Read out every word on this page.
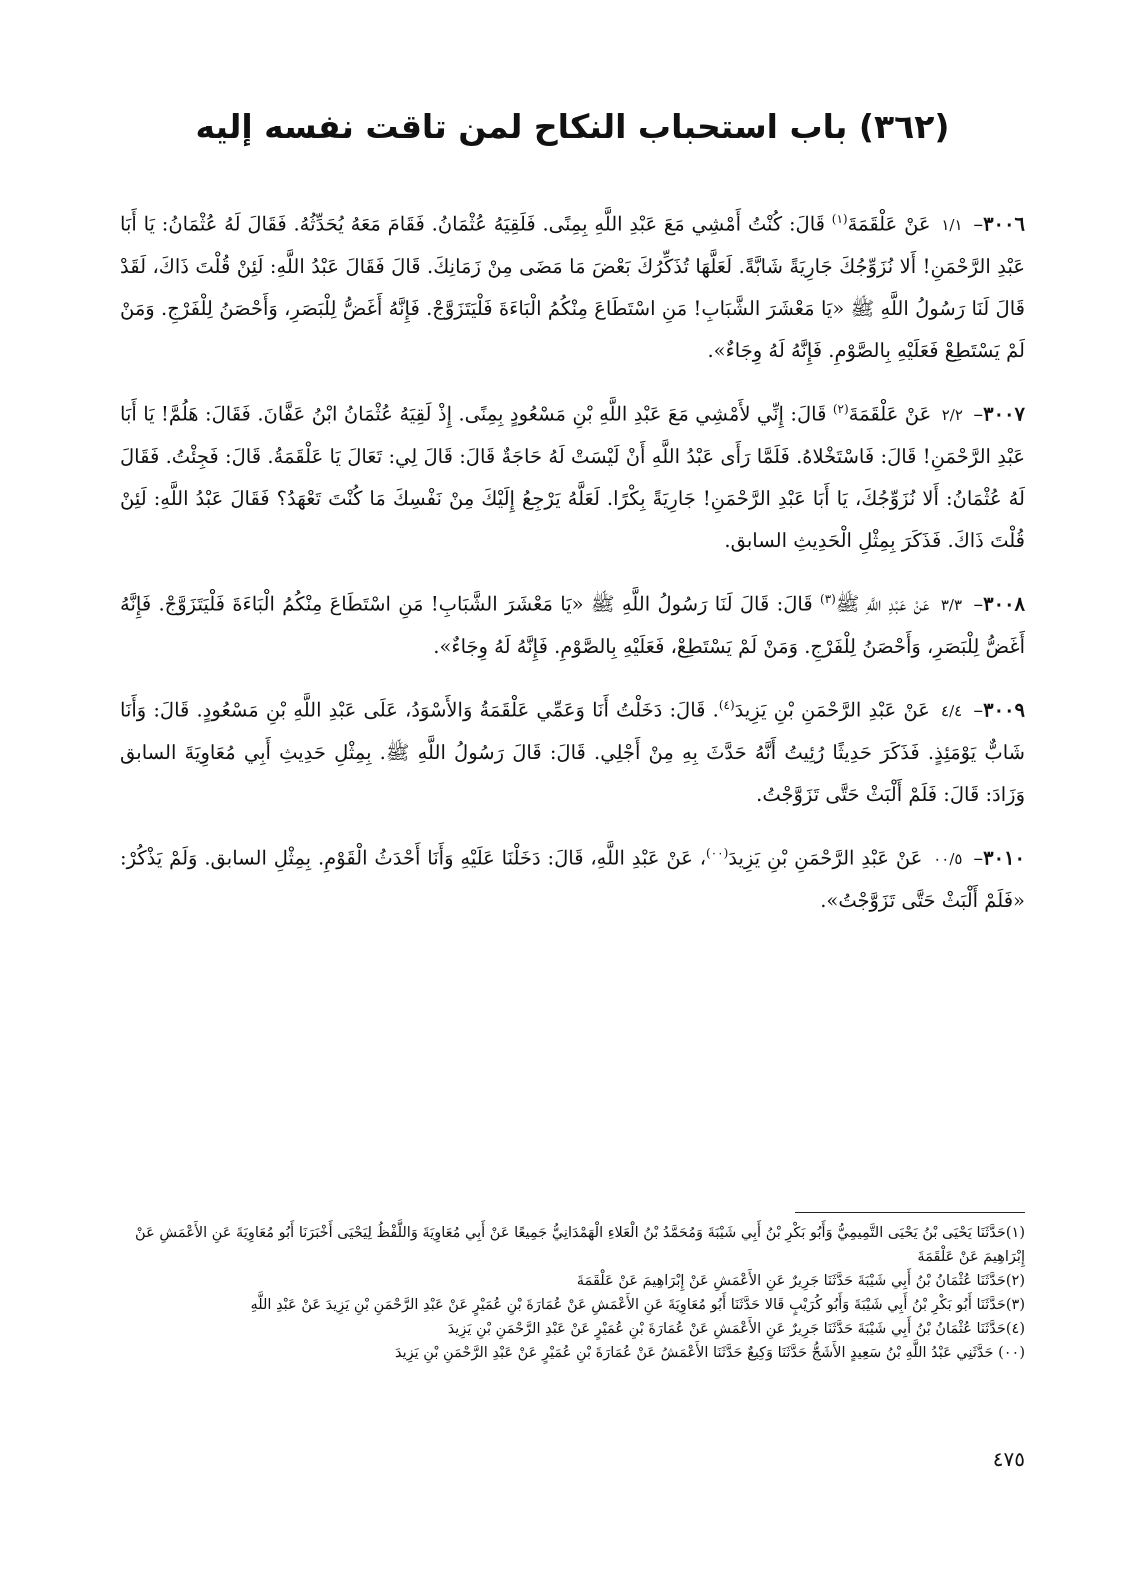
(٣٦٢) باب استحباب النكاح لمن تاقت نفسه إليه

٣٠٠٦– ١/١ عَنْ عَلْقَمَةَ$^{(١)}$ قَالَ: كُنْتُ أَمْشِي مَعَ عَبْدِ اللَّهِ بِمِنًى. فَلَقِيَهُ عُثْمَانُ. فَقَامَ مَعَهُ يُحَدِّثُهُ. فَقَالَ لَهُ عُثْمَانُ: يَا أَبَا عَبْدِ الرَّحْمَنِ! أَلا نُزَوِّجُكَ جَارِيَةً شَابَّةً. لَعَلَّهَا تُذَكِّرُكَ بَعْضَ مَا مَضَى مِنْ زَمَانِكَ. قَالَ فَقَالَ عَبْدُ اللَّهِ: لَئِنْ قُلْتَ ذَاكَ، لَقَدْ قَالَ لَنَا رَسُولُ اللَّهِ ﷺ «يَا مَعْشَرَ الشَّبَابِ! مَنِ اسْتَطَاعَ مِنْكُمُ الْبَاءَةَ فَلْيَتَزَوَّجْ. فَإِنَّهُ أَغَضُّ لِلْبَصَرِ، وَأَحْصَنُ لِلْفَرْجِ. وَمَنْ لَمْ يَسْتَطِعْ فَعَلَيْهِ بِالصَّوْمِ. فَإِنَّهُ لَهُ وِجَاءٌ».

٣٠٠٧– ٢/٢ عَنْ عَلْقَمَةَ$^{(٢)}$ قَالَ: إِنِّي لأَمْشِي مَعَ عَبْدِ اللَّهِ بْنِ مَسْعُودٍ بِمِنًى. إِذْ لَقِيَهُ عُثْمَانُ ابْنُ عَفَّانَ. فَقَالَ: هَلُمَّ! يَا أَبَا عَبْدِ الرَّحْمَنِ! قَالَ: فَاسْتَخْلاهُ. فَلَمَّا رَأَى عَبْدُ اللَّهِ أَنْ لَيْسَتْ لَهُ حَاجَةٌ قَالَ: قَالَ لِي: تَعَالَ يَا عَلْقَمَةُ. قَالَ: فَجِئْتُ. فَقَالَ لَهُ عُثْمَانُ: أَلا نُزَوِّجُكَ، يَا أَبَا عَبْدِ الرَّحْمَنِ! جَارِيَةً بِكْرًا. لَعَلَّهُ يَرْجِعُ إِلَيْكَ مِنْ نَفْسِكَ مَا كُنْتَ تَعْهَدُ؟ فَقَالَ عَبْدُ اللَّهِ: لَئِنْ قُلْتَ ذَاكَ. فَذَكَرَ بِمِثْلِ الْحَدِيثِ السابق.

٣٠٠٨– ٣/٣ عَنْ عَبْدِ اللَّهِ ﷺ$^{(٣)}$ قَالَ: قَالَ لَنَا رَسُولُ اللَّهِ ﷺ «يَا مَعْشَرَ الشَّبَابِ! مَنِ اسْتَطَاعَ مِنْكُمُ الْبَاءَةَ فَلْيَتَزَوَّجْ. فَإِنَّهُ أَغَضُّ لِلْبَصَرِ، وَأَحْصَنُ لِلْفَرْجِ. وَمَنْ لَمْ يَسْتَطِعْ، فَعَلَيْهِ بِالصَّوْمِ. فَإِنَّهُ لَهُ وِجَاءٌ».

٣٠٠٩– ٤/٤ عَنْ عَبْدِ الرَّحْمَنِ بْنِ يَزِيدَ$^{(٤)}$. قَالَ: دَخَلْتُ أَنَا وَعَمِّي عَلْقَمَةُ وَالأَسْوَدُ، عَلَى عَبْدِ اللَّهِ بْنِ مَسْعُودٍ. قَالَ: وَأَنَا شَابٌّ يَوْمَئِذٍ. فَذَكَرَ حَدِيثًا رُئِيتُ أَنَّهُ حَدَّثَ بِهِ مِنْ أَجْلِي. قَالَ: قَالَ رَسُولُ اللَّهِ ﷺ. بِمِثْلِ حَدِيثِ أَبِي مُعَاوِيَةَ السابق وَزَادَ: قَالَ: فَلَمْ أَلْبَثْ حَتَّى تَزَوَّجْتُ.

٣٠١٠– ٠٠/٥ عَنْ عَبْدِ الرَّحْمَنِ بْنِ يَزِيدَ$^{(٠٠)}$، عَنْ عَبْدِ اللَّهِ، قَالَ: دَخَلْنَا عَلَيْهِ وَأَنَا أَحْدَثُ الْقَوْمِ. بِمِثْلِ السابق. وَلَمْ يَذْكُرْ: «فَلَمْ أَلْبَثْ حَتَّى تَزَوَّجْتُ».

(١)حَدَّثَنَا يَحْيَى بْنُ يَحْيَى التَّمِيمِيُّ وَأَبُو بَكْرِ بْنُ أَبِي شَيْبَةَ وَمُحَمَّدُ بْنُ الْعَلاءِ الْهَمْدَانِيُّ جَمِيعًا عَنْ أَبِي مُعَاوِيَةَ وَاللَّفْظُ لِيَحْيَى أَخْبَرَنَا أَبُو مُعَاوِيَةَ عَنِ الأَعْمَشِ عَنْ إِبْرَاهِيمَ عَنْ عَلْقَمَةَ

(٢)حَدَّثَنَا عُثْمَانُ بْنُ أَبِي شَيْبَةَ حَدَّثَنَا جَرِيرٌ عَنِ الأَعْمَشِ عَنْ إِبْرَاهِيمَ عَنْ عَلْقَمَةَ

(٣)حَدَّثَنَا أَبُو بَكْرِ بْنُ أَبِي شَيْبَةَ وَأَبُو كُرَيْبٍ قَالا حَدَّثَنَا أَبُو مُعَاوِيَةَ عَنِ الأَعْمَشِ عَنْ عُمَارَةَ بْنِ عُمَيْرٍ عَنْ عَبْدِ الرَّحْمَنِ بْنِ يَزِيدَ عَنْ عَبْدِ اللَّهِ

(٤)حَدَّثَنَا عُثْمَانُ بْنُ أَبِي شَيْبَةَ حَدَّثَنَا جَرِيرٌ عَنِ الأَعْمَشِ عَنْ عُمَارَةَ بْنِ عُمَيْرٍ عَنْ عَبْدِ الرَّحْمَنِ بْنِ يَزِيدَ

(٠٠) حَدَّثَنِي عَبْدُ اللَّهِ بْنُ سَعِيدٍ الأَشَجُّ حَدَّثَنَا وَكِيعٌ حَدَّثَنَا الأَعْمَشُ عَنْ عُمَارَةَ بْنِ عُمَيْرٍ عَنْ عَبْدِ الرَّحْمَنِ بْنِ يَزِيدَ

٤٧٥
